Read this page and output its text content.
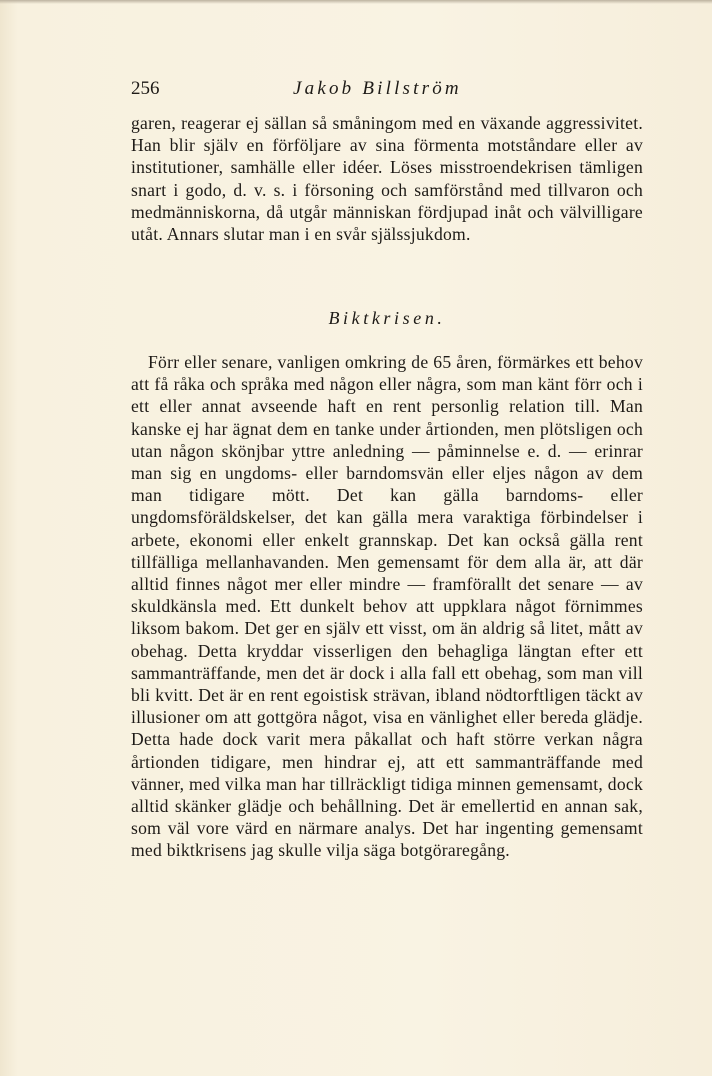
256	Jakob Billström

garen, reagerar ej sällan så småningom med en växande aggressivitet. Han blir själv en förföljare av sina förmenta motståndare eller av institutioner, samhälle eller idéer. Löses misstroendekrisen tämligen snart i godo, d. v. s. i försoning och samförstånd med tillvaron och medmänniskorna, då utgår människan fördjupad inåt och välvilligare utåt. Annars slutar man i en svår själssjukdom.

Biktkrisen.

Förr eller senare, vanligen omkring de 65 åren, förmärkes ett behov att få råka och språka med någon eller några, som man känt förr och i ett eller annat avseende haft en rent personlig relation till. Man kanske ej har ägnat dem en tanke under årtionden, men plötsligen och utan någon skönjbar yttre anledning — påminnelse e. d. — erinrar man sig en ungdoms- eller barndomsvän eller eljes någon av dem man tidigare mött. Det kan gälla barndoms- eller ungdomsföräldskelser, det kan gälla mera varaktiga förbindelser i arbete, ekonomi eller enkelt grannskap. Det kan också gälla rent tillfälliga mellanhavanden. Men gemensamt för dem alla är, att där alltid finnes något mer eller mindre — framförallt det senare — av skuldkänsla med. Ett dunkelt behov att uppklara något förnimmes liksom bakom. Det ger en själv ett visst, om än aldrig så litet, mått av obehag. Detta kryddar visserligen den behagliga längtan efter ett sammanträffande, men det är dock i alla fall ett obehag, som man vill bli kvitt. Det är en rent egoistisk strävan, ibland nödtorftligen täckt av illusioner om att gottgöra något, visa en vänlighet eller bereda glädje. Detta hade dock varit mera påkallat och haft större verkan några årtionden tidigare, men hindrar ej, att ett sammanträffande med vänner, med vilka man har tillräckligt tidiga minnen gemensamt, dock alltid skänker glädje och behållning. Det är emellertid en annan sak, som väl vore värd en närmare analys. Det har ingenting gemensamt med biktkrisens jag skulle vilja säga botgöraregång.
